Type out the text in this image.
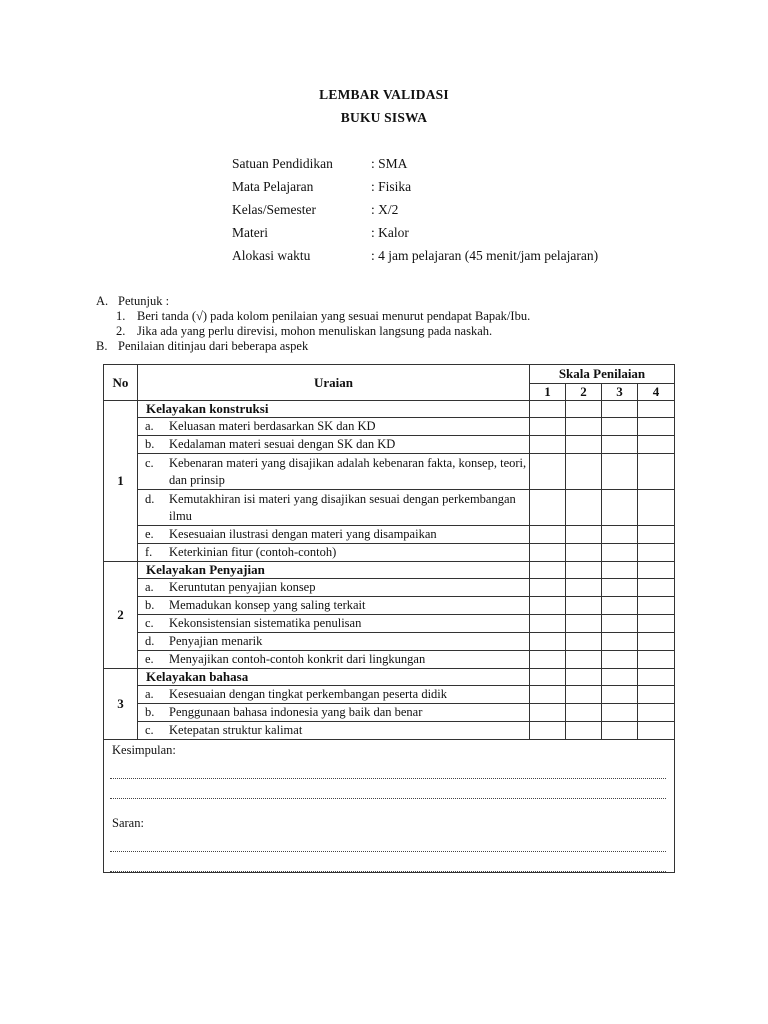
LEMBAR VALIDASI
BUKU SISWA
Satuan Pendidikan	: SMA
Mata Pelajaran	: Fisika
Kelas/Semester	: X/2
Materi	: Kalor
Alokasi waktu	: 4 jam pelajaran (45 menit/jam pelajaran)
A. Petunjuk :
1. Beri tanda (√) pada kolom penilaian yang sesuai menurut pendapat Bapak/Ibu.
2. Jika ada yang perlu direvisi, mohon menuliskan langsung pada naskah.
B. Penilaian ditinjau dari beberapa aspek
No	Uraian	Skala Penilaian			
		1	2	3	4
1	Kelayakan konstruksi				

	a. Keluasan materi berdasarkan SK dan KD				

	b. Kedalaman materi sesuai dengan SK dan KD				

	c. Kebenaran materi yang disajikan adalah kebenaran fakta, konsep, teori, dan prinsip				

	d. Kemutakhiran isi materi yang disajikan sesuai dengan perkembangan ilmu				

	e. Kesesuaian ilustrasi dengan materi yang disampaikan				

	f. Keterkinian fitur (contoh-contoh)				

2	Kelayakan Penyajian				

	a. Keruntutan penyajian konsep				

	b. Memadukan konsep yang saling terkait				

	c. Kekonsistensian sistematika penulisan				

	d. Penyajian menarik				

	e. Menyajikan contoh-contoh konkrit dari lingkungan				

3	Kelayakan bahasa				

	a. Kesesuaian dengan tingkat perkembangan peserta didik				

	b. Penggunaan bahasa indonesia yang baik dan benar				

	c. Ketepatan struktur kalimat				

Kesimpulan:
Saran:					
